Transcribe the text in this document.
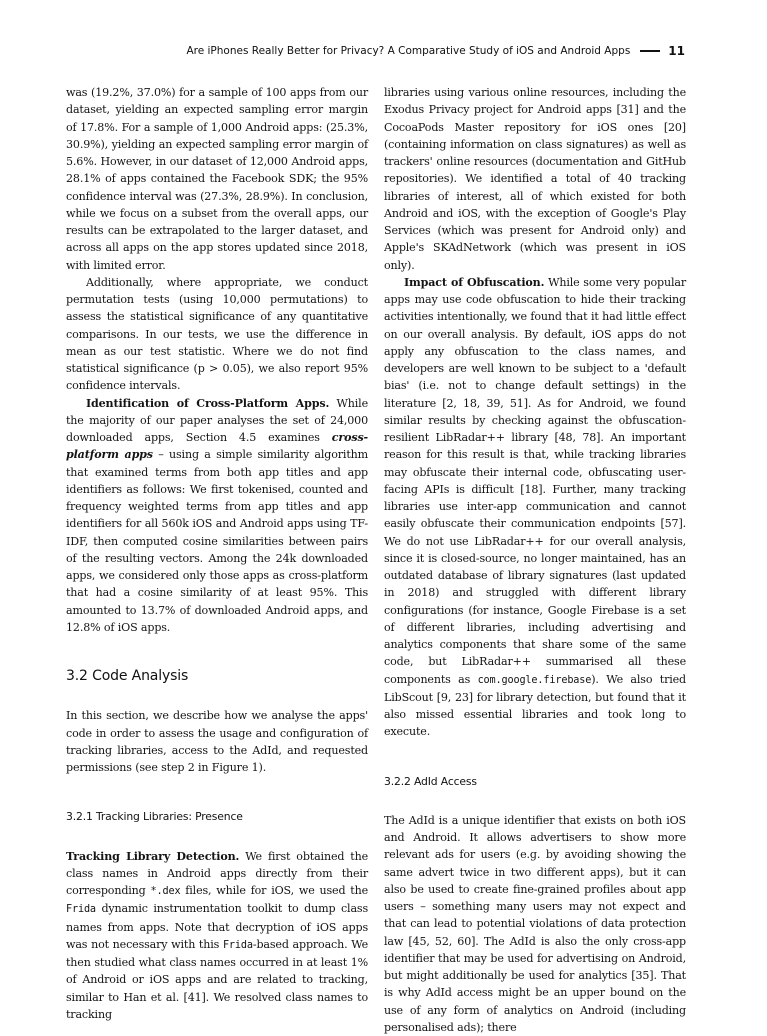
Are iPhones Really Better for Privacy? A Comparative Study of iOS and Android Apps	11

was (19.2%, 37.0%) for a sample of 100 apps from our dataset, yielding an expected sampling error margin of 17.8%. For a sample of 1,000 Android apps: (25.3%, 30.9%), yielding an expected sampling error margin of 5.6%. However, in our dataset of 12,000 Android apps, 28.1% of apps contained the Facebook SDK; the 95% confidence interval was (27.3%, 28.9%). In conclusion, while we focus on a subset from the overall apps, our results can be extrapolated to the larger dataset, and across all apps on the app stores updated since 2018, with limited error.

Additionally, where appropriate, we conduct permutation tests (using 10,000 permutations) to assess the statistical significance of any quantitative comparisons. In our tests, we use the difference in mean as our test statistic. Where we do not find statistical significance (p > 0.05), we also report 95% confidence intervals.

Identification of Cross-Platform Apps. While the majority of our paper analyses the set of 24,000 downloaded apps, Section 4.5 examines cross-platform apps – using a simple similarity algorithm that examined terms from both app titles and app identifiers as follows: We first tokenised, counted and frequency weighted terms from app titles and app identifiers for all 560k iOS and Android apps using TF-IDF, then computed cosine similarities between pairs of the resulting vectors. Among the 24k downloaded apps, we considered only those apps as cross-platform that had a cosine similarity of at least 95%. This amounted to 13.7% of downloaded Android apps, and 12.8% of iOS apps.

3.2 Code Analysis

In this section, we describe how we analyse the apps' code in order to assess the usage and configuration of tracking libraries, access to the AdId, and requested permissions (see step 2 in Figure 1).

3.2.1 Tracking Libraries: Presence

Tracking Library Detection. We first obtained the class names in Android apps directly from their corresponding *.dex files, while for iOS, we used the Frida dynamic instrumentation toolkit to dump class names from apps. Note that decryption of iOS apps was not necessary with this Frida-based approach. We then studied what class names occurred in at least 1% of Android or iOS apps and are related to tracking, similar to Han et al. [41]. We resolved class names to tracking

libraries using various online resources, including the Exodus Privacy project for Android apps [31] and the CocoaPods Master repository for iOS ones [20] (containing information on class signatures) as well as trackers' online resources (documentation and GitHub repositories). We identified a total of 40 tracking libraries of interest, all of which existed for both Android and iOS, with the exception of Google's Play Services (which was present for Android only) and Apple's SKAdNetwork (which was present in iOS only).

Impact of Obfuscation. While some very popular apps may use code obfuscation to hide their tracking activities intentionally, we found that it had little effect on our overall analysis. By default, iOS apps do not apply any obfuscation to the class names, and developers are well known to be subject to a 'default bias' (i.e. not to change default settings) in the literature [2, 18, 39, 51]. As for Android, we found similar results by checking against the obfuscation-resilient LibRadar++ library [48, 78]. An important reason for this result is that, while tracking libraries may obfuscate their internal code, obfuscating user-facing APIs is difficult [18]. Further, many tracking libraries use inter-app communication and cannot easily obfuscate their communication endpoints [57]. We do not use LibRadar++ for our overall analysis, since it is closed-source, no longer maintained, has an outdated database of library signatures (last updated in 2018) and struggled with different library configurations (for instance, Google Firebase is a set of different libraries, including advertising and analytics components that share some of the same code, but LibRadar++ summarised all these components as com.google.firebase). We also tried LibScout [9, 23] for library detection, but found that it also missed essential libraries and took long to execute.

3.2.2 AdId Access

The AdId is a unique identifier that exists on both iOS and Android. It allows advertisers to show more relevant ads for users (e.g. by avoiding showing the same advert twice in two different apps), but it can also be used to create fine-grained profiles about app users – something many users may not expect and that can lead to potential violations of data protection law [45, 52, 60]. The AdId is also the only cross-app identifier that may be used for advertising on Android, but might additionally be used for analytics [35]. That is why AdId access might be an upper bound on the use of any form of analytics on Android (including personalised ads); there
